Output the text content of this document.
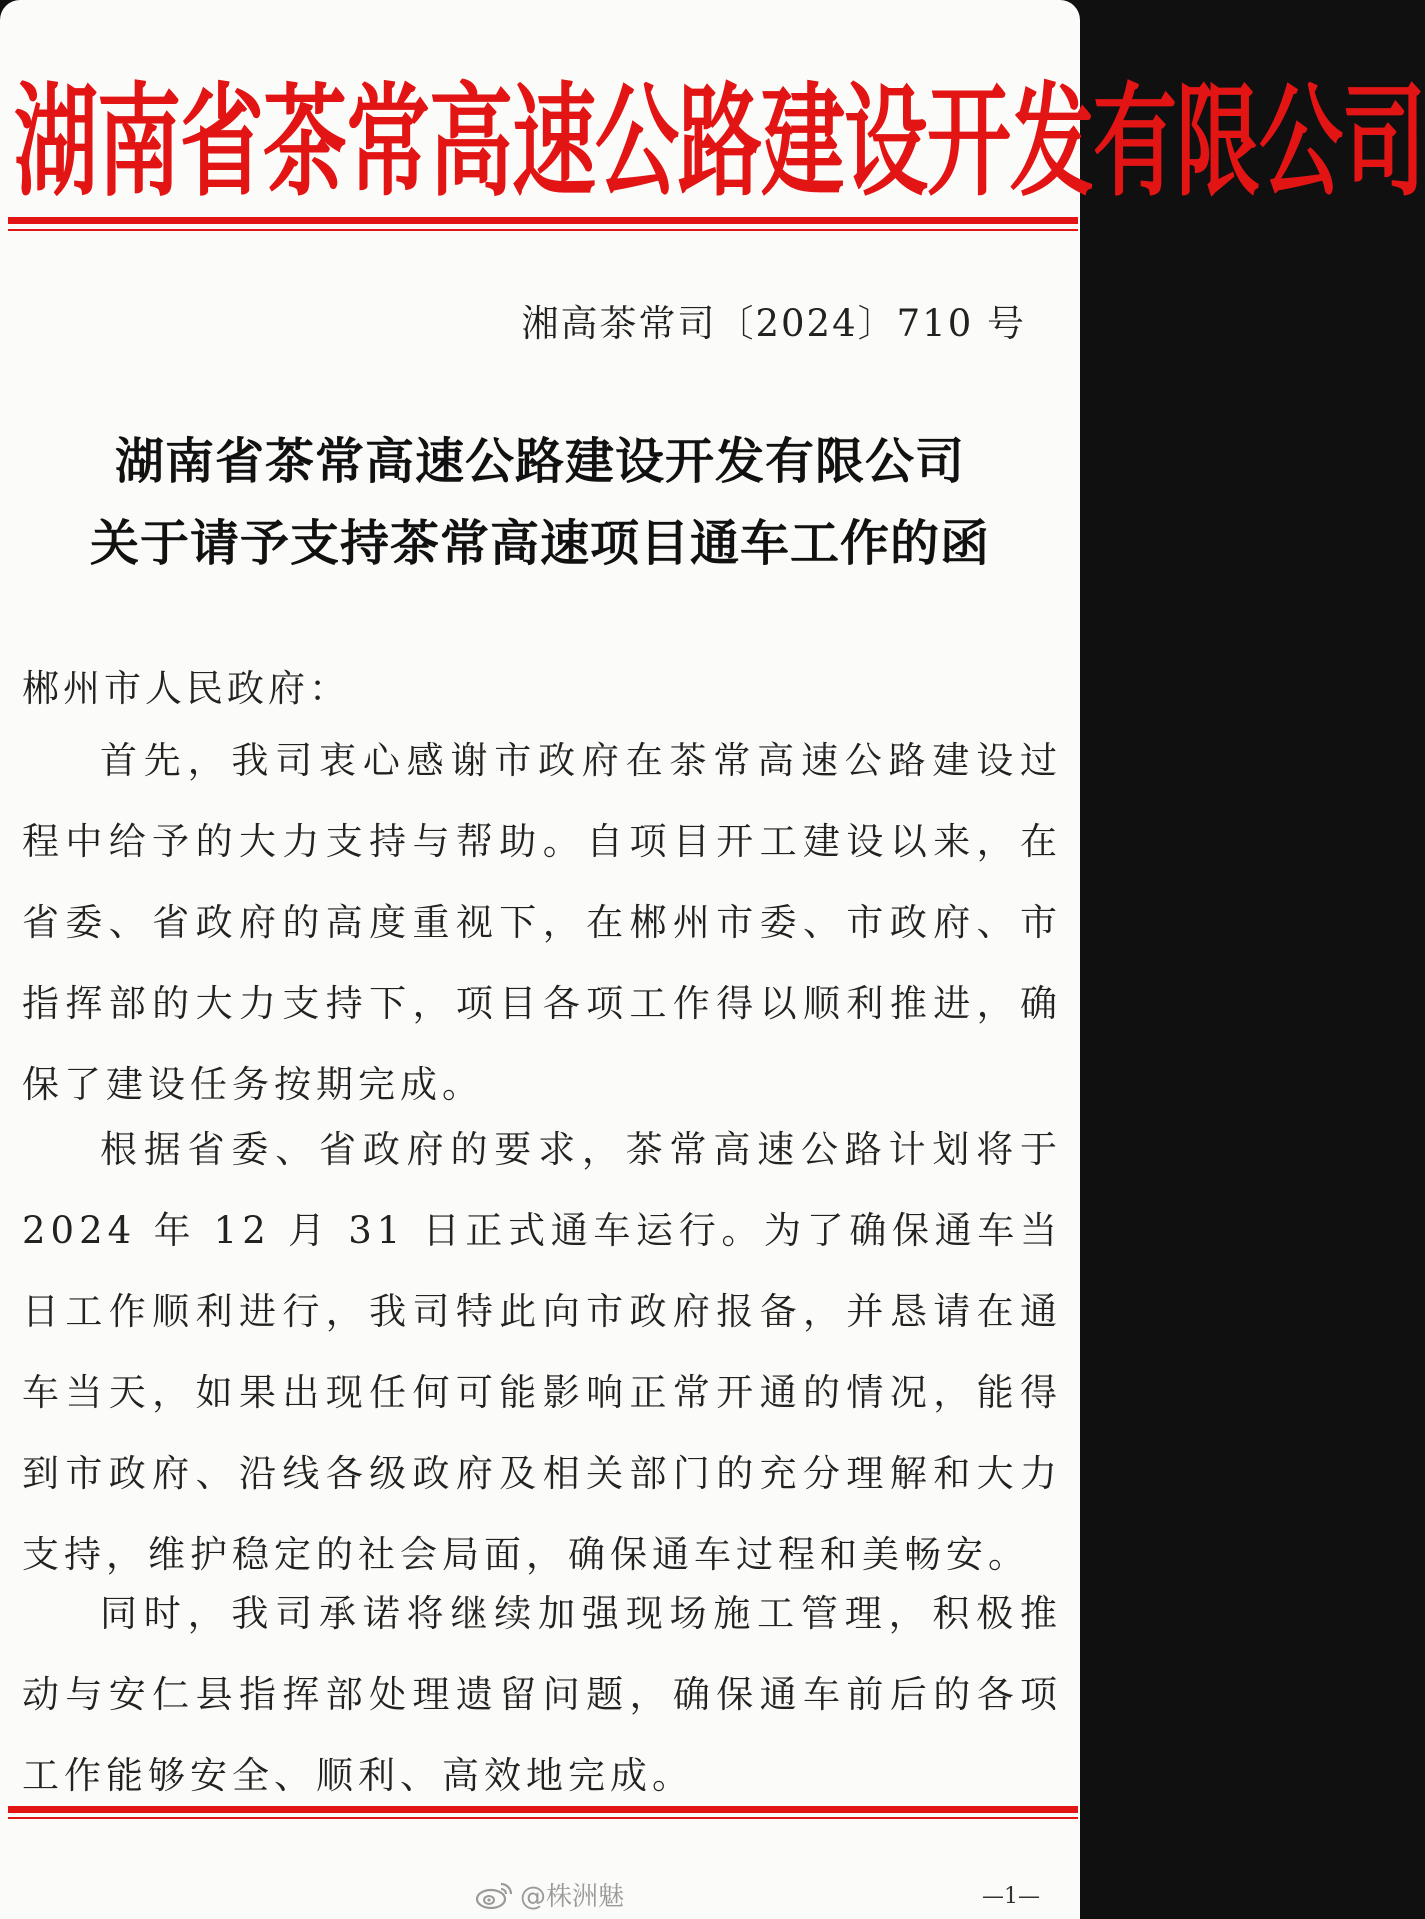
湖南省茶常高速公路建设开发有限公司
湘高茶常司〔2024〕710 号
湖南省茶常高速公路建设开发有限公司
关于请予支持茶常高速项目通车工作的函
郴州市人民政府：

首先，我司衷心感谢市政府在茶常高速公路建设过程中给予的大力支持与帮助。自项目开工建设以来，在省委、省政府的高度重视下，在郴州市委、市政府、市指挥部的大力支持下，项目各项工作得以顺利推进，确保了建设任务按期完成。

根据省委、省政府的要求，茶常高速公路计划将于 2024 年 12 月 31 日正式通车运行。为了确保通车当日工作顺利进行，我司特此向市政府报备，并恳请在通车当天，如果出现任何可能影响正常开通的情况，能得到市政府、沿线各级政府及相关部门的充分理解和大力支持，维护稳定的社会局面，确保通车过程和美畅安。

同时，我司承诺将继续加强现场施工管理，积极推动与安仁县指挥部处理遗留问题，确保通车前后的各项工作能够安全、顺利、高效地完成。

@株洲魅	—1—
